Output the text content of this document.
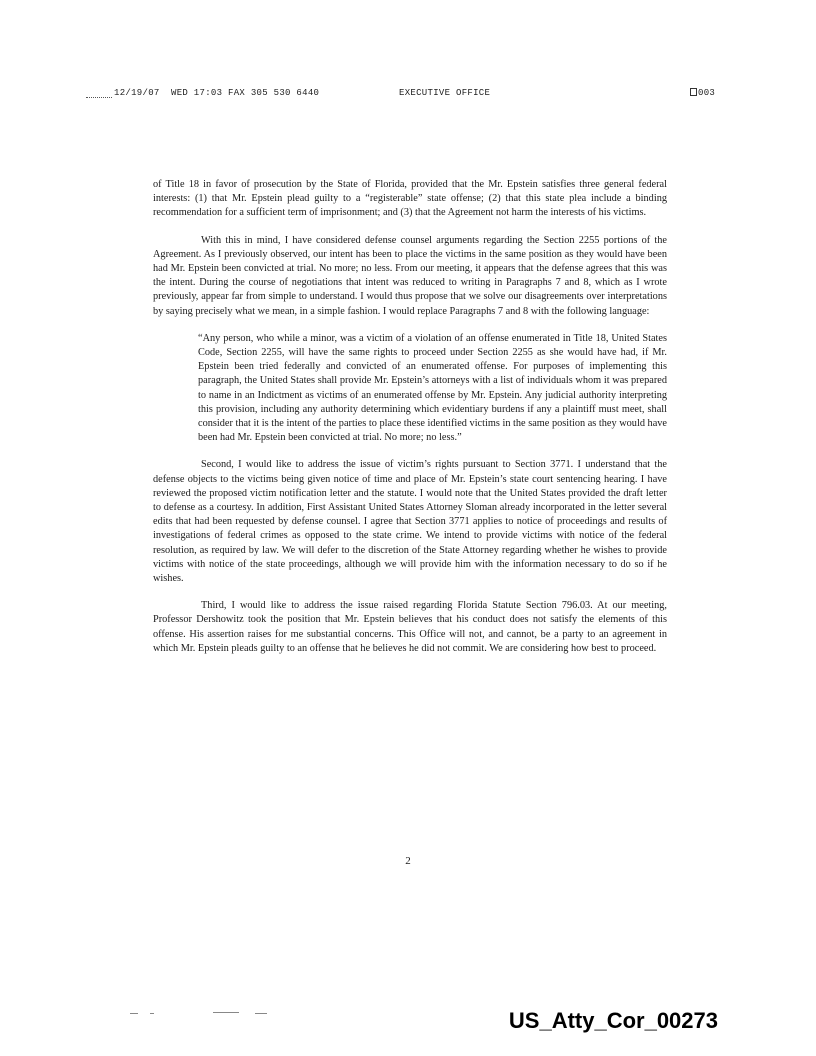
12/19/07  WED 17:03 FAX 305 530 6440	EXECUTIVE OFFICE	003

of Title 18 in favor of prosecution by the State of Florida, provided that the Mr. Epstein satisfies three general federal interests: (1) that Mr. Epstein plead guilty to a “registerable” state offense; (2) that this state plea include a binding recommendation for a sufficient term of imprisonment; and (3) that the Agreement not harm the interests of his victims.

With this in mind, I have considered defense counsel arguments regarding the Section 2255 portions of the Agreement. As I previously observed, our intent has been to place the victims in the same position as they would have been had Mr. Epstein been convicted at trial. No more; no less. From our meeting, it appears that the defense agrees that this was the intent. During the course of negotiations that intent was reduced to writing in Paragraphs 7 and 8, which as I wrote previously, appear far from simple to understand. I would thus propose that we solve our disagreements over interpretations by saying precisely what we mean, in a simple fashion. I would replace Paragraphs 7 and 8 with the following language:

“Any person, who while a minor, was a victim of a violation of an offense enumerated in Title 18, United States Code, Section 2255, will have the same rights to proceed under Section 2255 as she would have had, if Mr. Epstein been tried federally and convicted of an enumerated offense. For purposes of implementing this paragraph, the United States shall provide Mr. Epstein’s attorneys with a list of individuals whom it was prepared to name in an Indictment as victims of an enumerated offense by Mr. Epstein. Any judicial authority interpreting this provision, including any authority determining which evidentiary burdens if any a plaintiff must meet, shall consider that it is the intent of the parties to place these identified victims in the same position as they would have been had Mr. Epstein been convicted at trial. No more; no less.”

Second, I would like to address the issue of victim’s rights pursuant to Section 3771. I understand that the defense objects to the victims being given notice of time and place of Mr. Epstein’s state court sentencing hearing. I have reviewed the proposed victim notification letter and the statute. I would note that the United States provided the draft letter to defense as a courtesy. In addition, First Assistant United States Attorney Sloman already incorporated in the letter several edits that had been requested by defense counsel. I agree that Section 3771 applies to notice of proceedings and results of investigations of federal crimes as opposed to the state crime. We intend to provide victims with notice of the federal resolution, as required by law. We will defer to the discretion of the State Attorney regarding whether he wishes to provide victims with notice of the state proceedings, although we will provide him with the information necessary to do so if he wishes.

Third, I would like to address the issue raised regarding Florida Statute Section 796.03. At our meeting, Professor Dershowitz took the position that Mr. Epstein believes that his conduct does not satisfy the elements of this offense. His assertion raises for me substantial concerns. This Office will not, and cannot, be a party to an agreement in which Mr. Epstein pleads guilty to an offense that he believes he did not commit. We are considering how best to proceed.

2
US_Atty_Cor_00273
